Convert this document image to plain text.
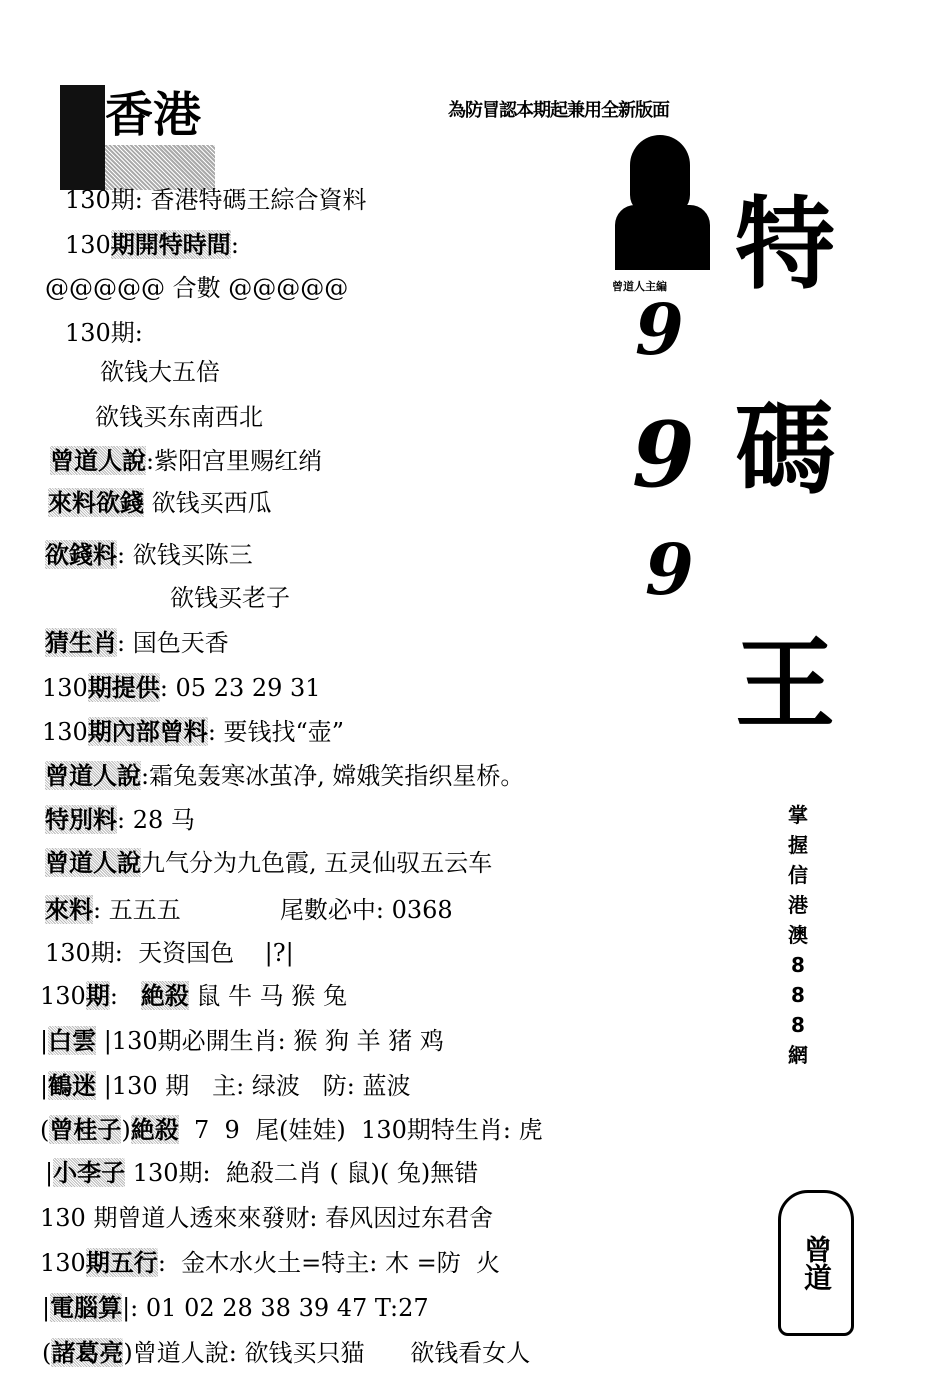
香港	為防冒認本期起兼用全新版面
曾道人主編
9
9
9
特
碼
王
掌
握
信
港
澳
8
8
8
網
曾道
130期: 香港特碼王綜合資料
130期開特時間:
@@@@@ 合數 @@@@@
130期:
欲钱大五倍
欲钱买东南西北
曾道人說:紫阳宫里赐红绡
來料欲錢 欲钱买西瓜
欲錢料: 欲钱买陈三
欲钱买老子
猜生肖: 国色天香
130期提供: 05 23 29 31
130期內部曾料: 要钱找“壶”
曾道人說:霜兔轰寒冰茧净, 嫦娥笑指织星桥。
特別料: 28 马
曾道人說九气分为九色霞, 五灵仙驭五云车
來料: 五五五             尾數必中: 0368
130期:  天资国色    |?|
130期:   絶殺 鼠 牛 马 猴 兔
|白雲 |130期必開生肖: 猴 狗 羊 猪 鸡
|鶴迷 |130 期   主: 绿波   防: 蓝波
(曾桂子)絶殺  7  9  尾(娃娃)  130期特生肖: 虎
|小李子 130期:  絶殺二肖 ( 鼠)( 兔)無错
130 期曾道人透來來發财: 春风因过东君舍
130期五行:  金木水火土=特主: 木 =防  火
|電腦算|: 01 02 28 38 39 47 T:27
(諸葛亮)曾道人說: 欲钱买只猫      欲钱看女人
